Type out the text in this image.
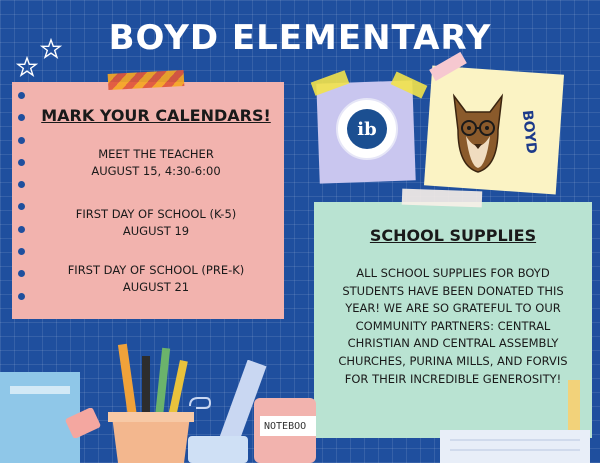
BOYD ELEMENTARY
MARK YOUR CALENDARS!
MEET THE TEACHER
AUGUST 15, 4:30-6:00
FIRST DAY OF SCHOOL (K-5)
AUGUST 19
FIRST DAY OF SCHOOL (PRE-K)
AUGUST 21
ib	BOYD
SCHOOL SUPPLIES
ALL SCHOOL SUPPLIES FOR BOYD STUDENTS HAVE BEEN DONATED THIS YEAR! WE ARE SO GRATEFUL TO OUR COMMUNITY PARTNERS: CENTRAL CHRISTIAN AND CENTRAL ASSEMBLY CHURCHES, PURINA MILLS, AND FORVIS FOR THEIR INCREDIBLE GENEROSITY!
NOTEBOO
